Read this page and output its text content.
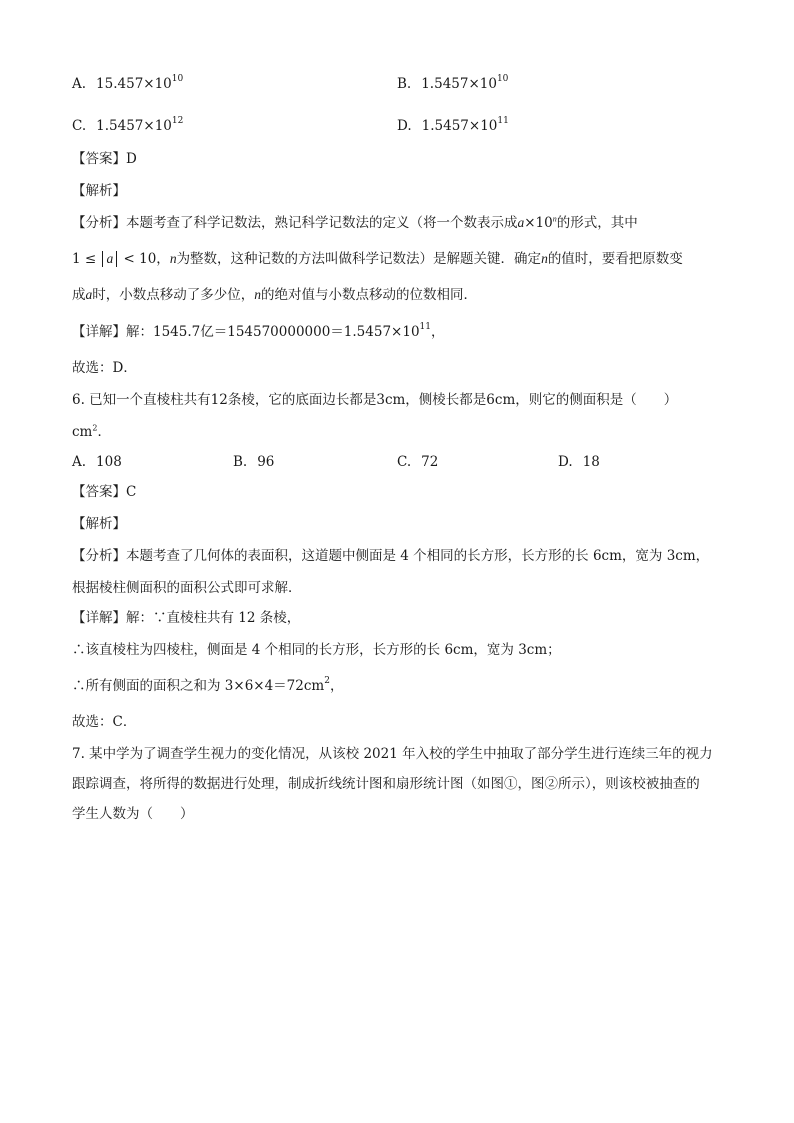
A. $15.457\times 10^{10}$	B. $1.5457\times 10^{10}$
C. $1.5457\times 10^{12}$	D. $1.5457\times 10^{11}$
【答案】D
【解析】
【分析】本题考查了科学记数法，熟记科学记数法的定义（将一个数表示成$a\times 10^n$的形式，其中
1 ≤ a < 10，n为整数，这种记数的方法叫做科学记数法）是解题关键．确定n的值时，要看把原数变
成a时，小数点移动了多少位，n的绝对值与小数点移动的位数相同．
【详解】解：1545.7亿$=154570000000=1.5457\times 10^{11}$，
故选：D．
6. 已知一个直棱柱共有12条棱，它的底面边长都是3cm，侧棱长都是6cm，则它的侧面积是（　　）
$cm^2$．
A. 108	B. 96	C. 72	D. 18
【答案】C
【解析】
【分析】本题考查了几何体的表面积，这道题中侧面是 4 个相同的长方形，长方形的长 6cm，宽为 3cm，
根据棱柱侧面积的面积公式即可求解．
【详解】解：∵直棱柱共有 12 条棱，
∴该直棱柱为四棱柱，侧面是 4 个相同的长方形，长方形的长 6cm，宽为 3cm；
∴所有侧面的面积之和为 $3\times 6\times 4=72cm^2$，
故选：C．
7. 某中学为了调查学生视力的变化情况，从该校 2021 年入校的学生中抽取了部分学生进行连续三年的视力
跟踪调查，将所得的数据进行处理，制成折线统计图和扇形统计图（如图①，图②所示），则该校被抽查的
学生人数为（　　）
